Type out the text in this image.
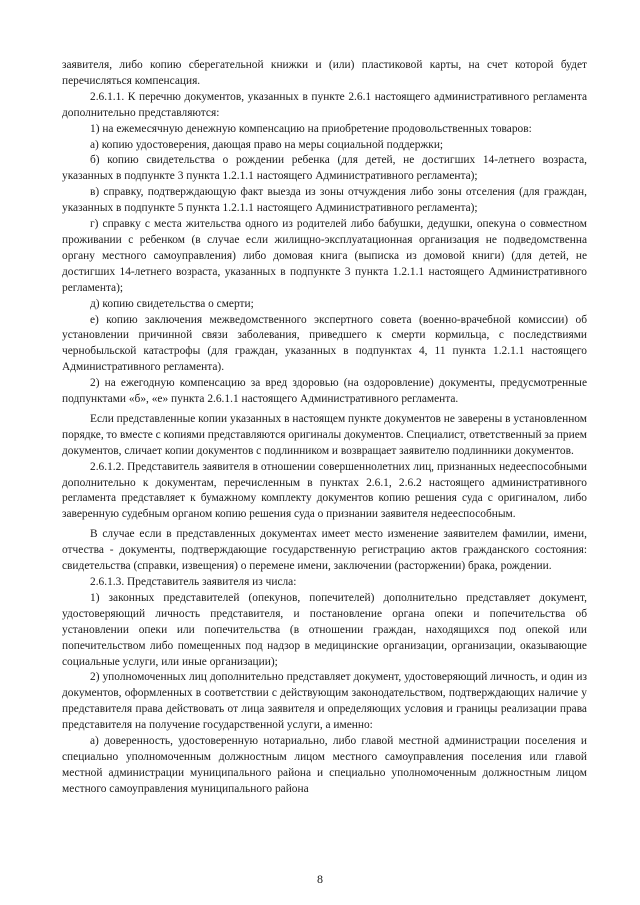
заявителя, либо копию сберегательной книжки и (или) пластиковой карты, на счет которой будет перечисляться компенсация.

2.6.1.1. К перечню документов, указанных в пункте 2.6.1 настоящего административного регламента дополнительно представляются:

1) на ежемесячную денежную компенсацию на приобретение продовольственных товаров:

а) копию удостоверения, дающая право на меры социальной поддержки;

б) копию свидетельства о рождении ребенка (для детей, не достигших 14-летнего возраста, указанных в подпункте 3 пункта 1.2.1.1 настоящего Административного регламента);

в) справку, подтверждающую факт выезда из зоны отчуждения либо зоны отселения (для граждан, указанных в подпункте 5 пункта 1.2.1.1 настоящего Административного регламента);

г) справку с места жительства одного из родителей либо бабушки, дедушки, опекуна о совместном проживании с ребенком (в случае если жилищно-эксплуатационная организация не подведомственна органу местного самоуправления) либо домовая книга (выписка из домовой книги) (для детей, не достигших 14-летнего возраста, указанных в подпункте 3 пункта 1.2.1.1 настоящего Административного регламента);

д) копию свидетельства о смерти;

е) копию заключения межведомственного экспертного совета (военно-врачебной комиссии) об установлении причинной связи заболевания, приведшего к смерти кормильца, с последствиями чернобыльской катастрофы (для граждан, указанных в подпунктах 4, 11 пункта 1.2.1.1 настоящего Административного регламента).

2) на ежегодную компенсацию за вред здоровью (на оздоровление) документы, предусмотренные подпунктами «б», «е» пункта 2.6.1.1 настоящего Административного регламента.

Если представленные копии указанных в настоящем пункте документов не заверены в установленном порядке, то вместе с копиями представляются оригиналы документов. Специалист, ответственный за прием документов, сличает копии документов с подлинником и возвращает заявителю подлинники документов.

2.6.1.2. Представитель заявителя в отношении совершеннолетних лиц, признанных недееспособными дополнительно к документам, перечисленным в пунктах 2.6.1, 2.6.2 настоящего административного регламента представляет к бумажному комплекту документов копию решения суда с оригиналом, либо заверенную судебным органом копию решения суда о признании заявителя недееспособным.

В случае если в представленных документах имеет место изменение заявителем фамилии, имени, отчества - документы, подтверждающие государственную регистрацию актов гражданского состояния: свидетельства (справки, извещения) о перемене имени, заключении (расторжении) брака, рождении.

2.6.1.3. Представитель заявителя из числа:

1) законных представителей (опекунов, попечителей) дополнительно представляет документ, удостоверяющий личность представителя, и постановление органа опеки и попечительства об установлении опеки или попечительства (в отношении граждан, находящихся под опекой или попечительством либо помещенных под надзор в медицинские организации, организации, оказывающие социальные услуги, или иные организации);

2) уполномоченных лиц дополнительно представляет документ, удостоверяющий личность, и один из документов, оформленных в соответствии с действующим законодательством, подтверждающих наличие у представителя права действовать от лица заявителя и определяющих условия и границы реализации права представителя на получение государственной услуги, а именно:

а) доверенность, удостоверенную нотариально, либо главой местной администрации поселения и специально уполномоченным должностным лицом местного самоуправления поселения или главой местной администрации муниципального района и специально уполномоченным должностным лицом местного самоуправления муниципального района

8
